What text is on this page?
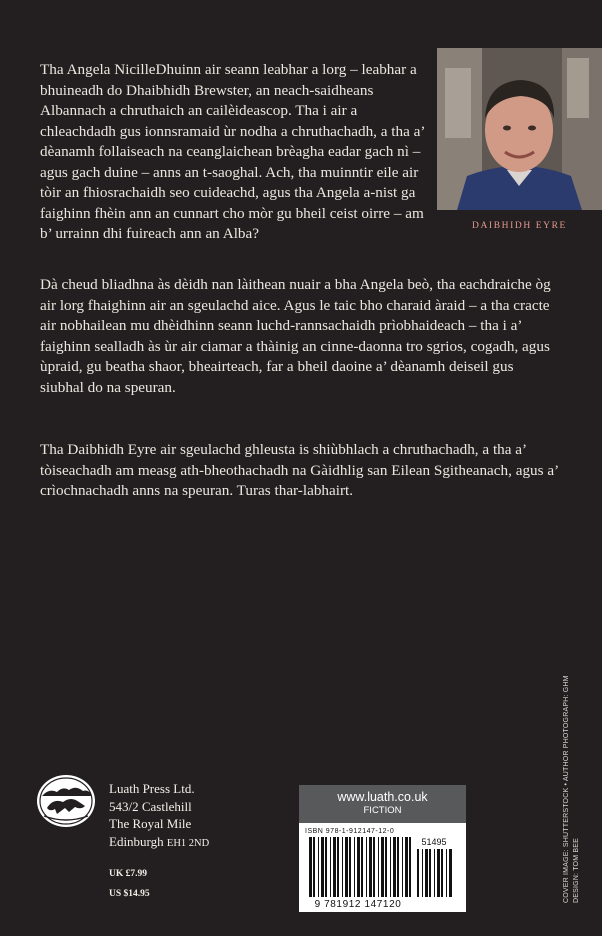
Tha Angela NicilleDhuinn air seann leabhar a lorg – leabhar a bhuineadh do Dhaibhidh Brewster, an neach-saidheans Albannach a chruthaich an cailèideascop. Tha i air a chleachdadh gus ionnsramaid ùr nodha a chruthachadh, a tha a’ dèanamh follaiseach na ceanglaichean brèagha eadar gach nì – agus gach duine – anns an t-saoghal. Ach, tha muinntir eile air tòir an fhiosrachaidh seo cuideachd, agus tha Angela a-nist ga faighinn fhèin ann an cunnart cho mòr gu bheil ceist oirre – am b’ urrainn dhi fuireach ann an Alba?

Dà cheud bliadhna às dèidh nan làithean nuair a bha Angela beò, tha eachdraiche òg air lorg fhaighinn air an sgeulachd aice. Agus le taic bho charaid àraid – a tha cracte air nobhailean mu dhèidhinn seann luchd-rannsachaidh prìobhaideach – tha i a’ faighinn sealladh às ùr air ciamar a thàinig an cinne-daonna tro sgrios, cogadh, agus ùpraid, gu beatha shaor, bheairteach, far a bheil daoine a’ dèanamh deiseil gus siubhal do na speuran.

Tha Daibhidh Eyre air sgeulachd ghleusta is shiùbhlach a chruthachadh, a tha a’ tòiseachadh am measg ath-bheothachadh na Gàidhlig san Eilean Sgitheanach, agus a’ crìochnachadh anns na speuran. Turas thar-labhairt.

DAIBHIDH EYRE
Luath Press Ltd.
543/2 Castlehill
The Royal Mile
Edinburgh EH1 2ND
UK £7.99
US $14.95
www.luath.co.uk
FICTION
ISBN 978-1-912147-12-0
51495
9 781912 147120
COVER IMAGE: SHUTTERSTOCK • AUTHOR PHOTOGRAPH: GHM DESIGN: TOM BEE
